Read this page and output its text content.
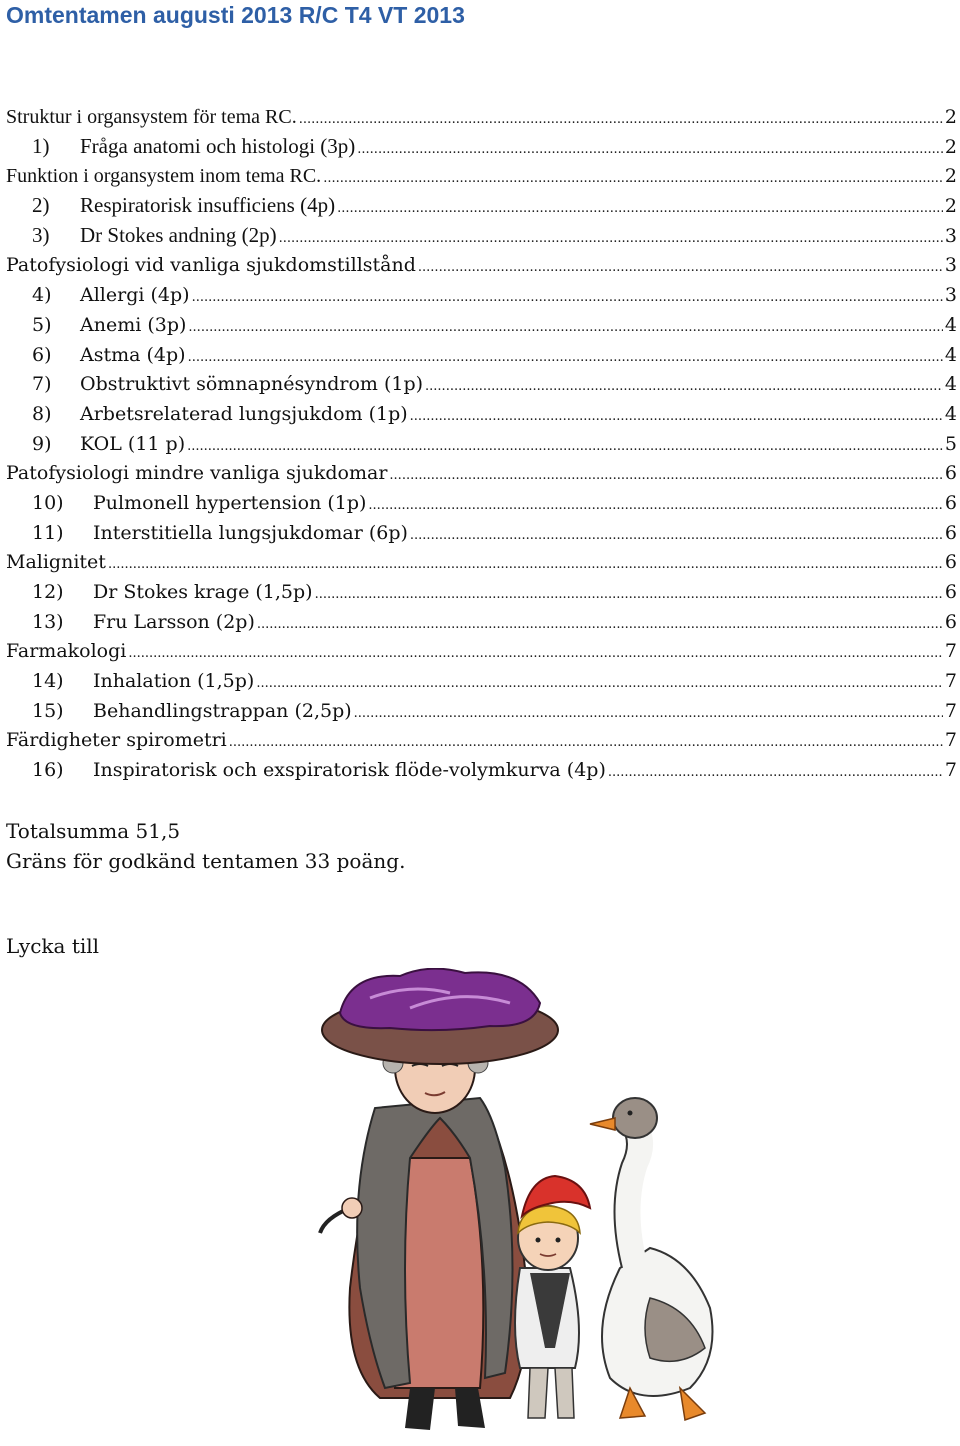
Omtentamen augusti 2013 R/C T4 VT 2013
Struktur i organsystem för tema RC. .....	2
1)	Fråga anatomi och histologi (3p) .....	2
Funktion i organsystem inom tema RC. .....	2
2)	Respiratorisk insufficiens (4p) .....	2
3)	Dr Stokes andning (2p) .....	3
Patofysiologi vid vanliga sjukdomstillstånd .....	3
4)	Allergi (4p) .....	3
5)	Anemi (3p) .....	4
6)	Astma (4p) .....	4
7)	Obstruktivt sömnapnésyndrom (1p) .....	4
8)	Arbetsrelaterad lungsjukdom (1p) .....	4
9)	KOL (11 p) .....	5
Patofysiologi mindre vanliga sjukdomar .....	6
10)	Pulmonell hypertension (1p) .....	6
11)	Interstitiella lungsjukdomar (6p) .....	6
Malignitet .....	6
12)	Dr Stokes krage (1,5p) .....	6
13)	Fru Larsson (2p) .....	6
Farmakologi .....	7
14)	Inhalation (1,5p) .....	7
15)	Behandlingstrappan (2,5p) .....	7
Färdigheter spirometri .....	7
16)	Inspiratorisk och exspiratorisk flöde-volymkurva (4p) .....	7
Totalsumma 51,5
Gräns för godkänd tentamen 33 poäng.
Lycka till
